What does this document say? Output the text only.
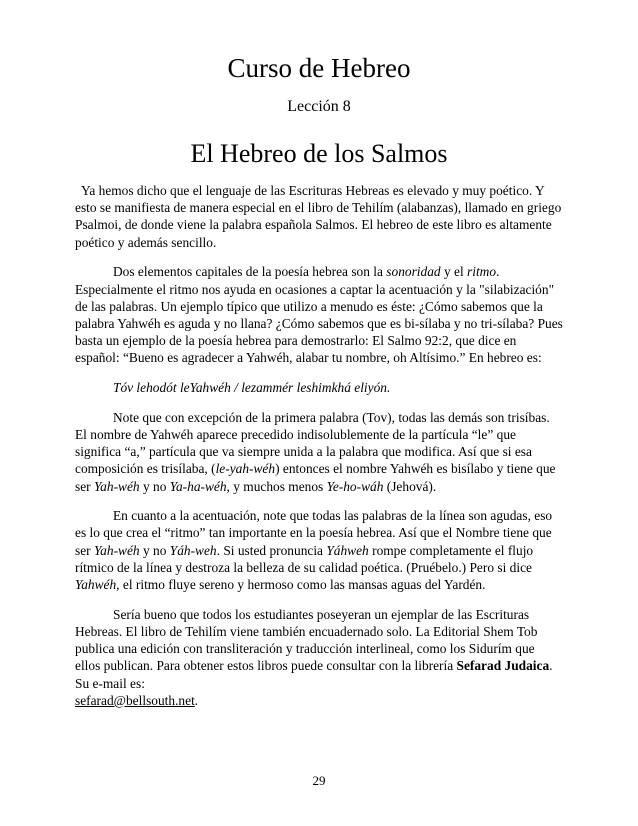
Curso de Hebreo
Lección 8
El Hebreo de los Salmos

Ya hemos dicho que el lenguaje de las Escrituras Hebreas es elevado y muy poético. Y esto se manifiesta de manera especial en el libro de Tehilím (alabanzas), llamado en griego Psalmoi, de donde viene la palabra española Salmos. El hebreo de este libro es altamente poético y además sencillo.

Dos elementos capitales de la poesía hebrea son la sonoridad y el ritmo. Especialmente el ritmo nos ayuda en ocasiones a captar la acentuación y la "silabización" de las palabras. Un ejemplo típico que utilizo a menudo es éste: ¿Cómo sabemos que la palabra Yahwéh es aguda y no llana? ¿Cómo sabemos que es bi-sílaba y no tri-sílaba? Pues basta un ejemplo de la poesía hebrea para demostrarlo: El Salmo 92:2, que dice en español: “Bueno es agradecer a Yahwéh, alabar tu nombre, oh Altísimo.” En hebreo es:

Tóv lehodót leYahwéh / lezammér leshimkhá eliyón.

Note que con excepción de la primera palabra (Tov), todas las demás son trisíbas. El nombre de Yahwéh aparece precedido indisolublemente de la partícula “le” que significa “a,” partícula que va siempre unida a la palabra que modifica. Así que si esa composición es trisílaba, (le-yah-wéh) entonces el nombre Yahwéh es bisílabo y tiene que ser Yah-wéh y no Ya-ha-wéh, y muchos menos Ye-ho-wáh (Jehová).

En cuanto a la acentuación, note que todas las palabras de la línea son agudas, eso es lo que crea el “ritmo” tan importante en la poesía hebrea. Así que el Nombre tiene que ser Yah-wéh y no Yáh-weh. Si usted pronuncia Yáhweh rompe completamente el flujo rítmico de la línea y destroza la belleza de su calidad poética. (Pruébelo.) Pero si dice Yahwéh, el ritmo fluye sereno y hermoso como las mansas aguas del Yardén.

Sería bueno que todos los estudiantes poseyeran un ejemplar de las Escrituras Hebreas. El libro de Tehilím viene también encuadernado solo. La Editorial Shem Tob publica una edición con transliteración y traducción interlineal, como los Sidurím que ellos publican. Para obtener estos libros puede consultar con la librería Sefarad Judaica. Su e-mail es:
sefarad@bellsouth.net.

29
